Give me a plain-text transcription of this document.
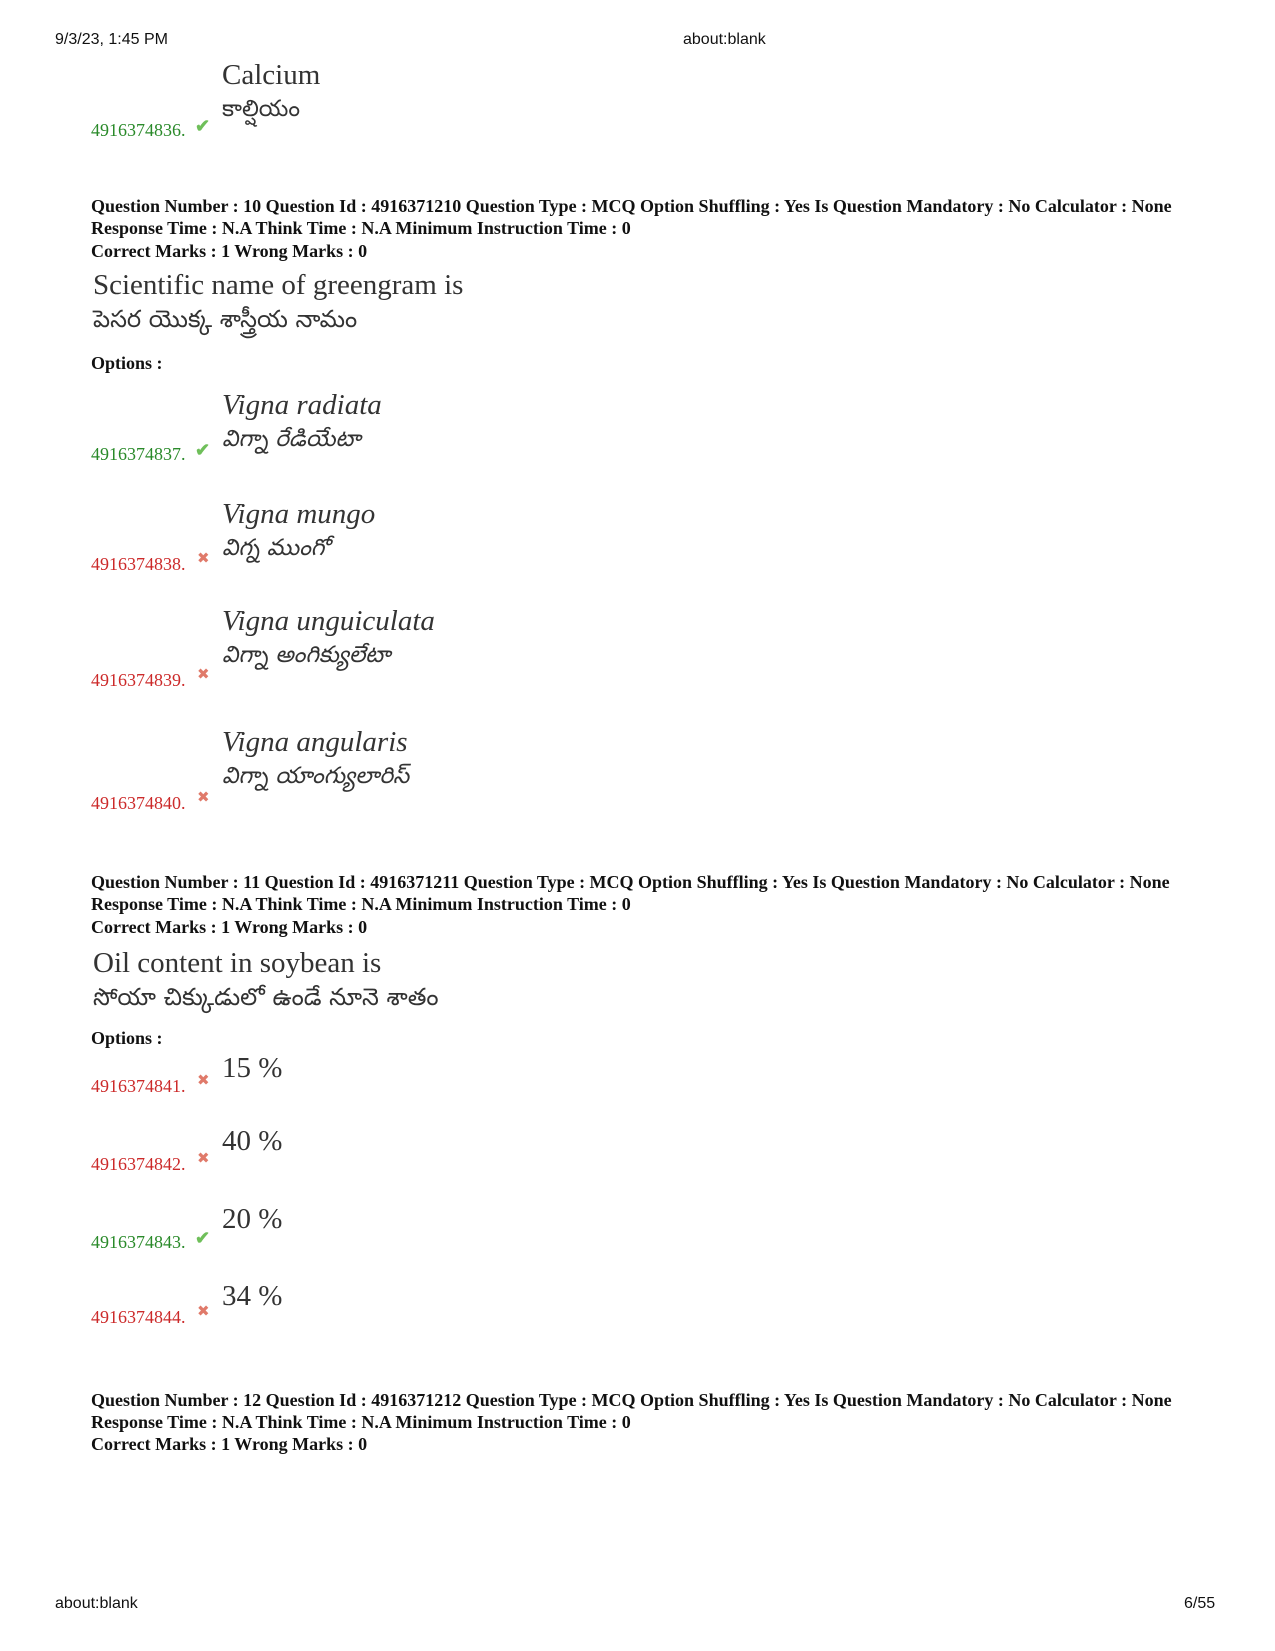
9/3/23, 1:45 PM	about:blank
about:blank	6/55
Calcium
కాల్షియం
4916374836. ✔
Question Number : 10 Question Id : 4916371210 Question Type : MCQ Option Shuffling : Yes Is Question Mandatory : No Calculator : None Response Time : N.A Think Time : N.A Minimum Instruction Time : 0
Correct Marks : 1 Wrong Marks : 0
Scientific name of greengram is
పెసర యొక్క శాస్త్రీయ నామం
Options :
Vigna radiata
విగ్నా రేడియేటా
4916374837. ✔
Vigna mungo
విగ్న ముంగో
4916374838. ✖
Vigna unguiculata
విగ్నా అంగిక్యులేటా
4916374839. ✖
Vigna angularis
విగ్నా యాంగ్యులారిస్
4916374840. ✖
Question Number : 11 Question Id : 4916371211 Question Type : MCQ Option Shuffling : Yes Is Question Mandatory : No Calculator : None Response Time : N.A Think Time : N.A Minimum Instruction Time : 0
Correct Marks : 1 Wrong Marks : 0
Oil content in soybean is
సోయా చిక్కుడులో ఉండే నూనె శాతం
Options :
15 %
4916374841. ✖
40 %
4916374842. ✖
20 %
4916374843. ✔
34 %
4916374844. ✖
Question Number : 12 Question Id : 4916371212 Question Type : MCQ Option Shuffling : Yes Is Question Mandatory : No Calculator : None Response Time : N.A Think Time : N.A Minimum Instruction Time : 0
Correct Marks : 1 Wrong Marks : 0
